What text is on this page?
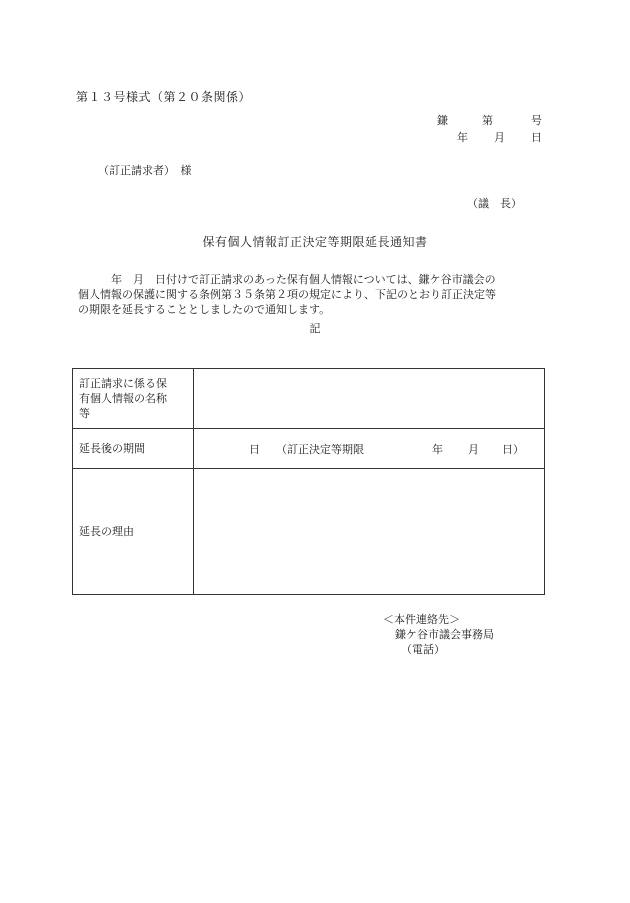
第１３号様式（第２０条関係）
鎌	第	号
年 月 日
（訂正請求者）　様
（議　長）
保有個人情報訂正決定等期限延長通知書

　　　年　月　日付けで訂正請求のあった保有個人情報については、鎌ケ谷市議会の

個人情報の保護に関する条例第３５条第２項の規定により、下記のとおり訂正決定等

の期限を延長することとしましたので通知します。

記
訂正請求に係る保
有個人情報の名称
等	

延長後の期間	日 （訂正決定等期限 年 月 日）

延長の理由	
＜本件連絡先＞
鎌ケ谷市議会事務局
（電話）
